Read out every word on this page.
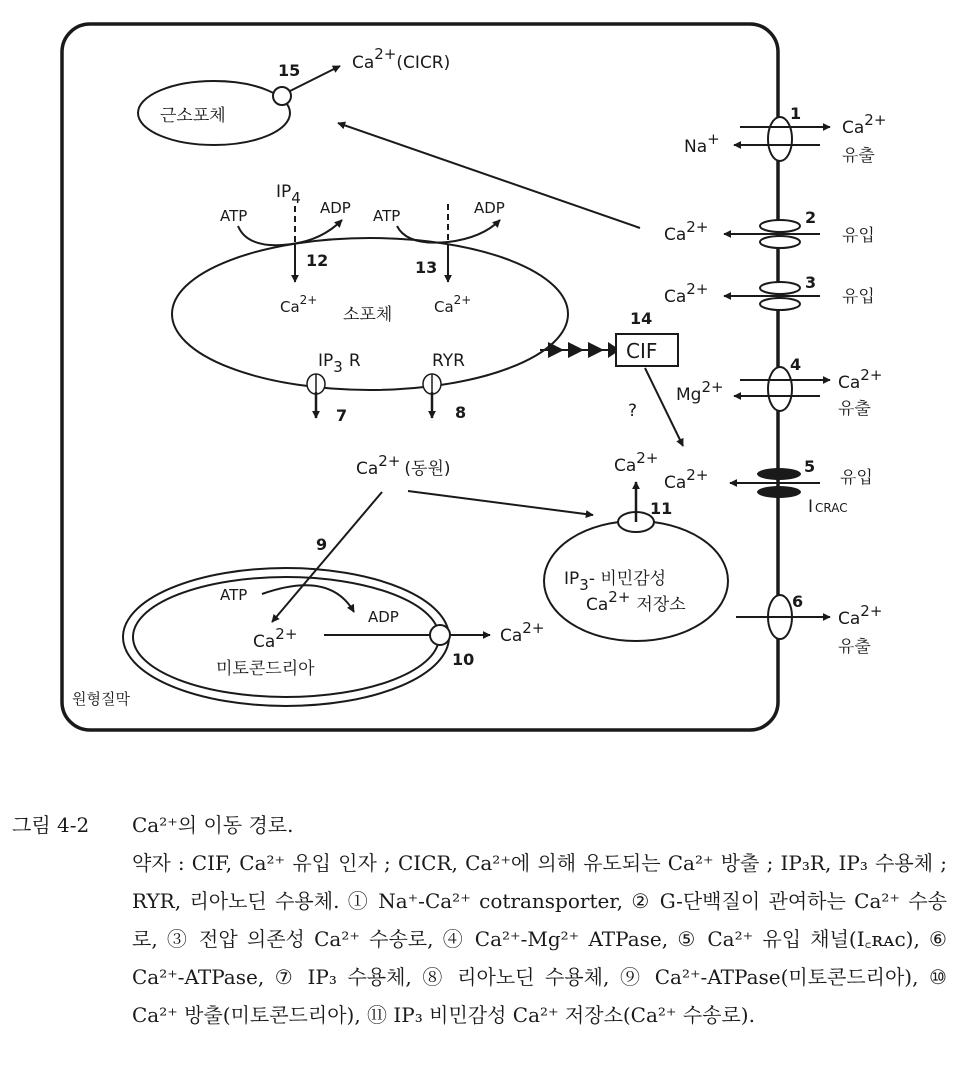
근소포체
15	Ca2+(CICR)
소포체
IP4
ATP	ADP
12
$Ca^{2+}$
ATP	ADP
13
$Ca^{2+}$
IP3 R
7
RYR
8
CIF
14
?
1
Na+
Ca2+
유출
2
Ca2+	유입
3
Ca2+	유입
4
Mg2+	Ca2+
유출
5
Ca2+	유입
I CRAC
6
Ca2+
유출
Ca2+ (동원)
9
IP3- 비민감성
Ca2+ 저장소
11
Ca2+
ATP
ADP
Ca2+
미토콘드리아	10
Ca2+
원형질막
그림 4-2	Ca²⁺의 이동 경로.
약자 : CIF, Ca²⁺ 유입 인자 ; CICR, Ca²⁺에 의해 유도되는 Ca²⁺ 방출 ; IP₃R, IP₃ 수용체 ; RYR, 리아노딘 수용체. ① Na⁺-Ca²⁺ cotransporter, ② G-단백질이 관여하는 Ca²⁺ 수송로, ③ 전압 의존성 Ca²⁺ 수송로, ④ Ca²⁺-Mg²⁺ ATPase, ⑤ Ca²⁺ 유입 채널(I꜀ʀᴀᴄ), ⑥ Ca²⁺-ATPase, ⑦ IP₃ 수용체, ⑧ 리아노딘 수용체, ⑨ Ca²⁺-ATPase(미토콘드리아), ⑩ Ca²⁺ 방출(미토콘드리아), ⑪ IP₃ 비민감성 Ca²⁺ 저장소(Ca²⁺ 수송로).
